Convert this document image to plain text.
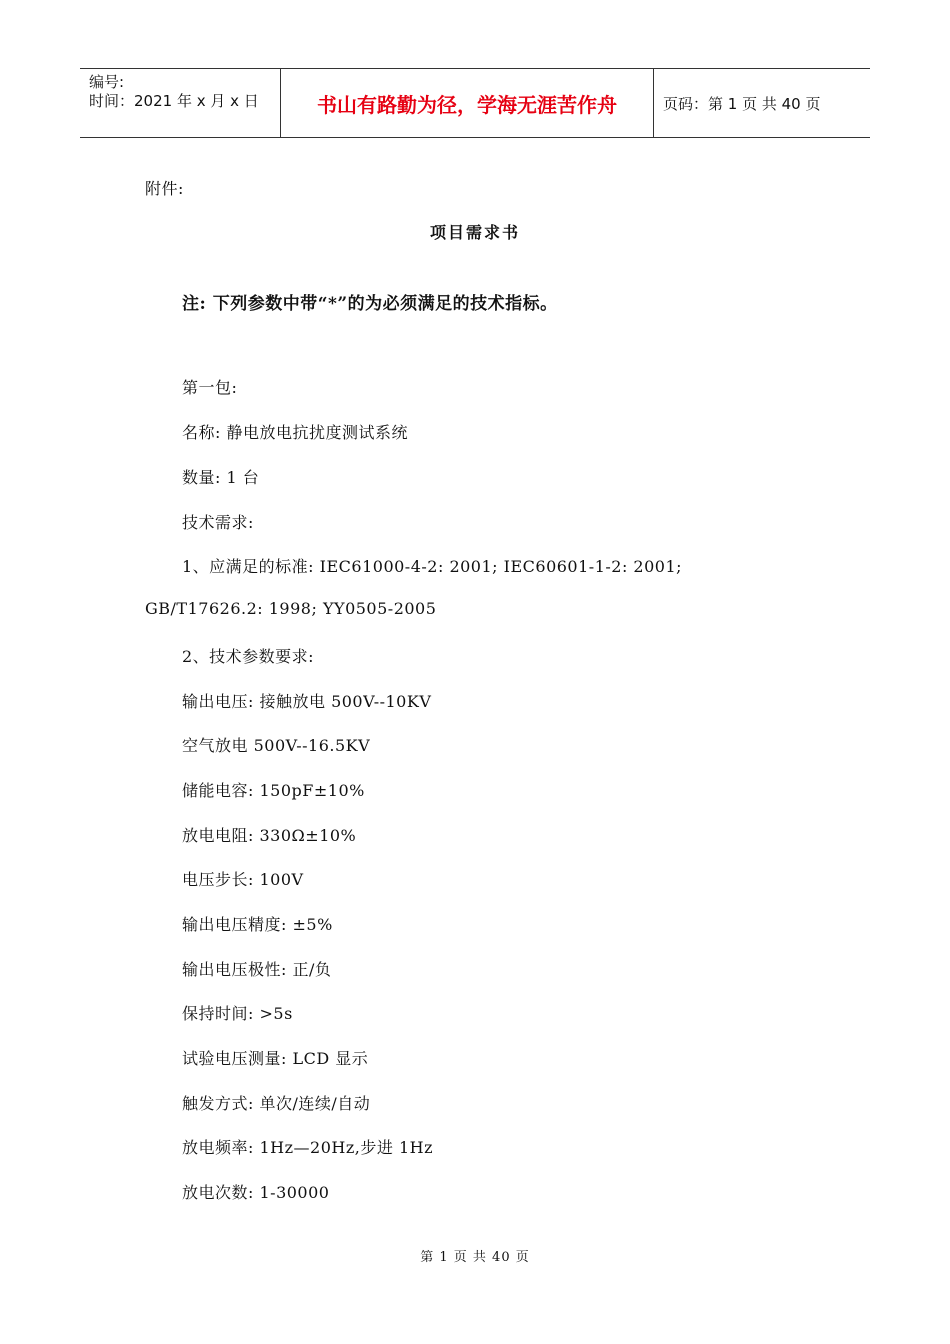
编号:
时间：2021 年 x 月 x 日	书山有路勤为径，学海无涯苦作舟	页码：第 1 页 共 40 页
附件:
项目需求书
注: 下列参数中带“*”的为必须满足的技术指标。
第一包:
名称: 静电放电抗扰度测试系统
数量: 1 台
技术需求:
1、应满足的标准: IEC61000-4-2: 2001; IEC60601-1-2: 2001;
GB/T17626.2: 1998; YY0505-2005
2、技术参数要求:
输出电压: 接触放电 500V--10KV
空气放电 500V--16.5KV
储能电容: 150pF±10%
放电电阻: 330Ω±10%
电压步长: 100V
输出电压精度: ±5%
输出电压极性: 正/负
保持时间: >5s
试验电压测量: LCD 显示
触发方式: 单次/连续/自动
放电频率: 1Hz—20Hz,步进 1Hz
放电次数: 1-30000
第 1 页 共 40 页
